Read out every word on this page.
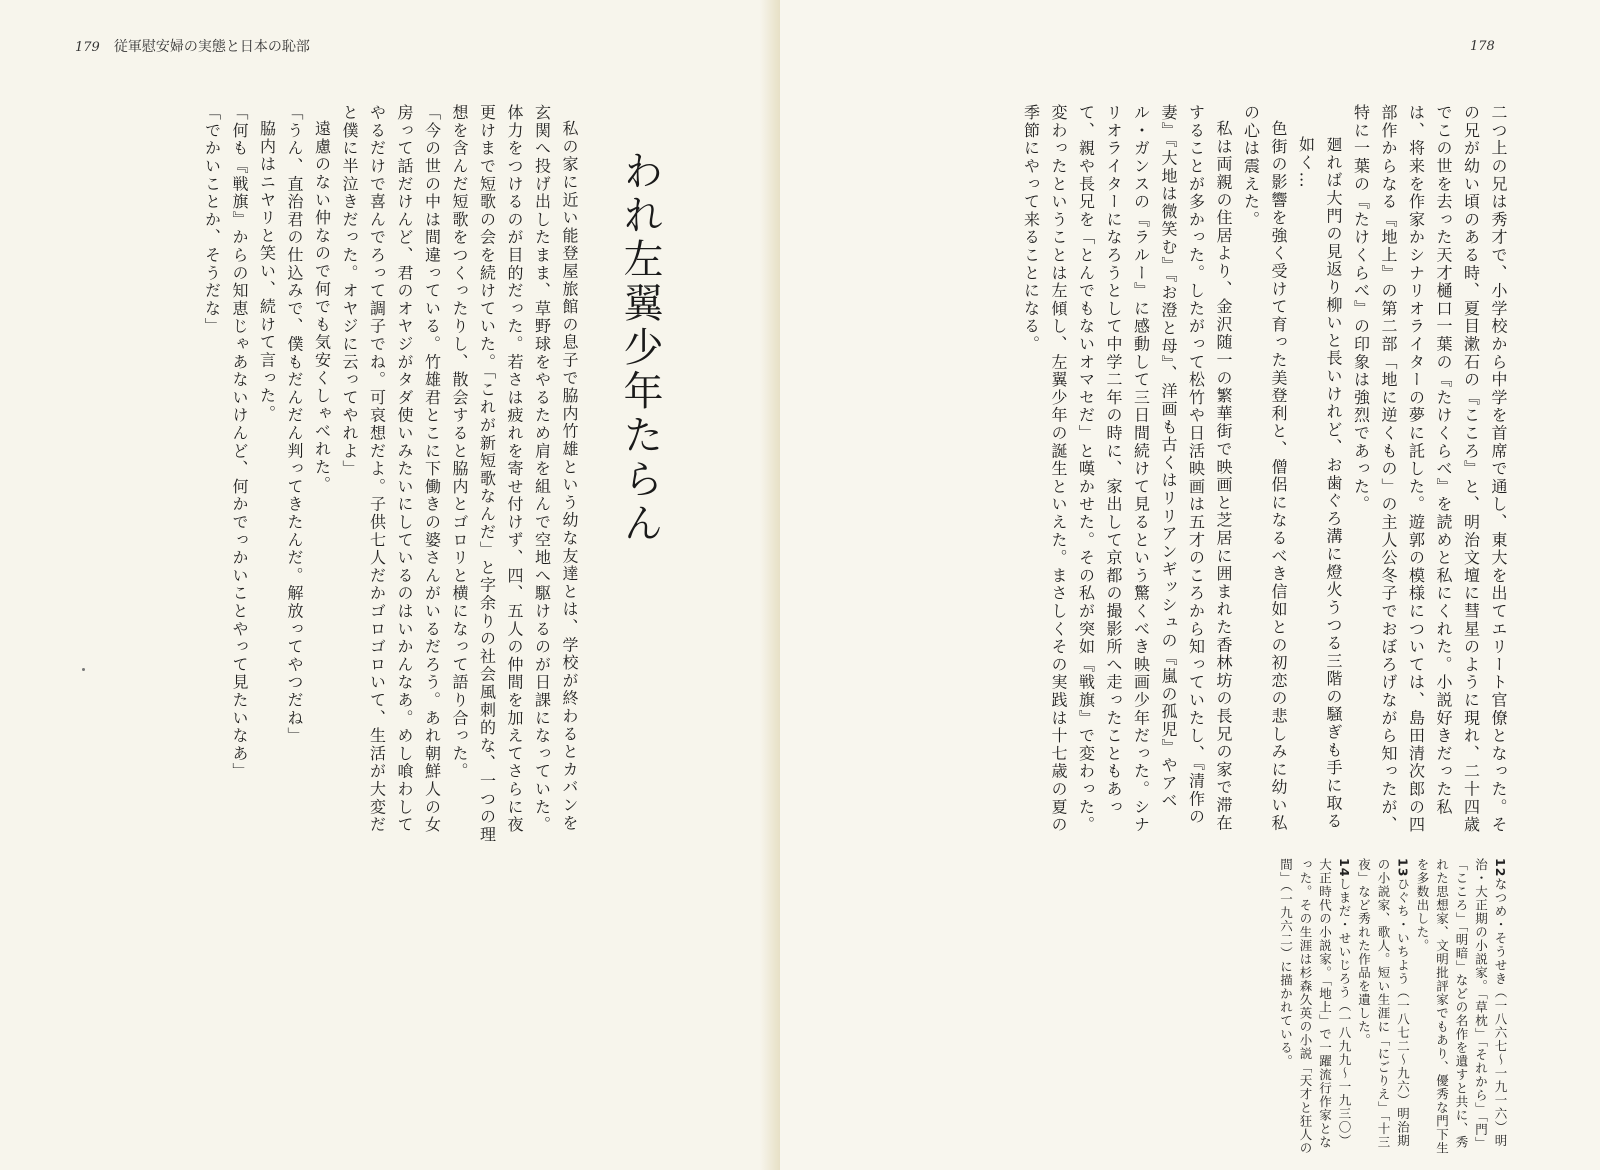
179 従軍慰安婦の実態と日本の恥部
われ左翼少年たらん

私の家に近い能登屋旅館の息子で脇内竹雄という幼な友達とは、学校が終わるとカバンを玄関へ投げ出したまま、草野球をやるため肩を組んで空地へ駆けるのが日課になっていた。体力をつけるのが目的だった。若さは疲れを寄せ付けず、四、五人の仲間を加えてさらに夜更けまで短歌の会を続けていた。「これが新短歌なんだ」と字余りの社会風刺的な、一つの理想を含んだ短歌をつくったりし、散会すると脇内とゴロリと横になって語り合った。

「今の世の中は間違っている。竹雄君とこに下働きの婆さんがいるだろう。あれ朝鮮人の女房って話だけんど、君のオヤジがタダ使いみたいにしているのはいかんなあ。めし喰わしてやるだけで喜んでろって調子でね。可哀想だよ。子供七人だかゴロゴロいて、生活が大変だと僕に半泣きだった。オヤジに云ってやれよ」

遠慮のない仲なので何でも気安くしゃべれた。

「うん、直治君の仕込みで、僕もだんだん判ってきたんだ。解放ってやつだね」

脇内はニヤリと笑い、続けて言った。

「何も『戦旗』からの知恵じゃあないけんど、何かでっかいことやって見たいなあ」

「でかいことか、そうだな」

178

二つ上の兄は秀才で、小学校から中学を首席で通し、東大を出てエリート官僚となった。その兄が幼い頃のある時、夏目漱石の『こころ』と、明治文壇に彗星のように現れ、二十四歳でこの世を去った天才樋口一葉の『たけくらべ』を読めと私にくれた。小説好きだった私は、将来を作家かシナリオライターの夢に託した。遊郭の模様については、島田清次郎の四部作からなる『地上』の第二部「地に逆くもの」の主人公冬子でおぼろげながら知ったが、特に一葉の『たけくらべ』の印象は強烈であった。

廻れば大門の見返り柳いと長いけれど、お歯ぐろ溝に燈火うつる三階の騒ぎも手に取る如く…

色街の影響を強く受けて育った美登利と、僧侶になるべき信如との初恋の悲しみに幼い私の心は震えた。

私は両親の住居より、金沢随一の繁華街で映画と芝居に囲まれた香林坊の長兄の家で滞在することが多かった。したがって松竹や日活映画は五才のころから知っていたし、『清作の妻』『大地は微笑む』『お澄と母』、洋画も古くはリリアンギッシュの『嵐の孤児』やアベル・ガンスの『ラルー』に感動して三日間続けて見るという驚くべき映画少年だった。シナリオライターになろうとして中学二年の時に、家出して京都の撮影所へ走ったこともあって、親や長兄を「とんでもないオマセだ」と嘆かせた。その私が突如『戦旗』で変わった。変わったということは左傾し、左翼少年の誕生といえた。まさしくその実践は十七歳の夏の季節にやって来ることになる。

12なつめ・そうせき（一八六七〜一九一六）明治・大正期の小説家。「草枕」「それから」「門」「こころ」「明暗」などの名作を遺すと共に、秀れた思想家、文明批評家でもあり、優秀な門下生を多数出した。

13ひぐち・いちよう（一八七二〜九六）明治期の小説家、歌人。短い生涯に「にごりえ」「十三夜」など秀れた作品を遺した。

14しまだ・せいじろう（一八九九〜一九三〇）大正時代の小説家。「地上」で一躍流行作家となった。その生涯は杉森久英の小説「天才と狂人の間」（一九六二）に描かれている。
